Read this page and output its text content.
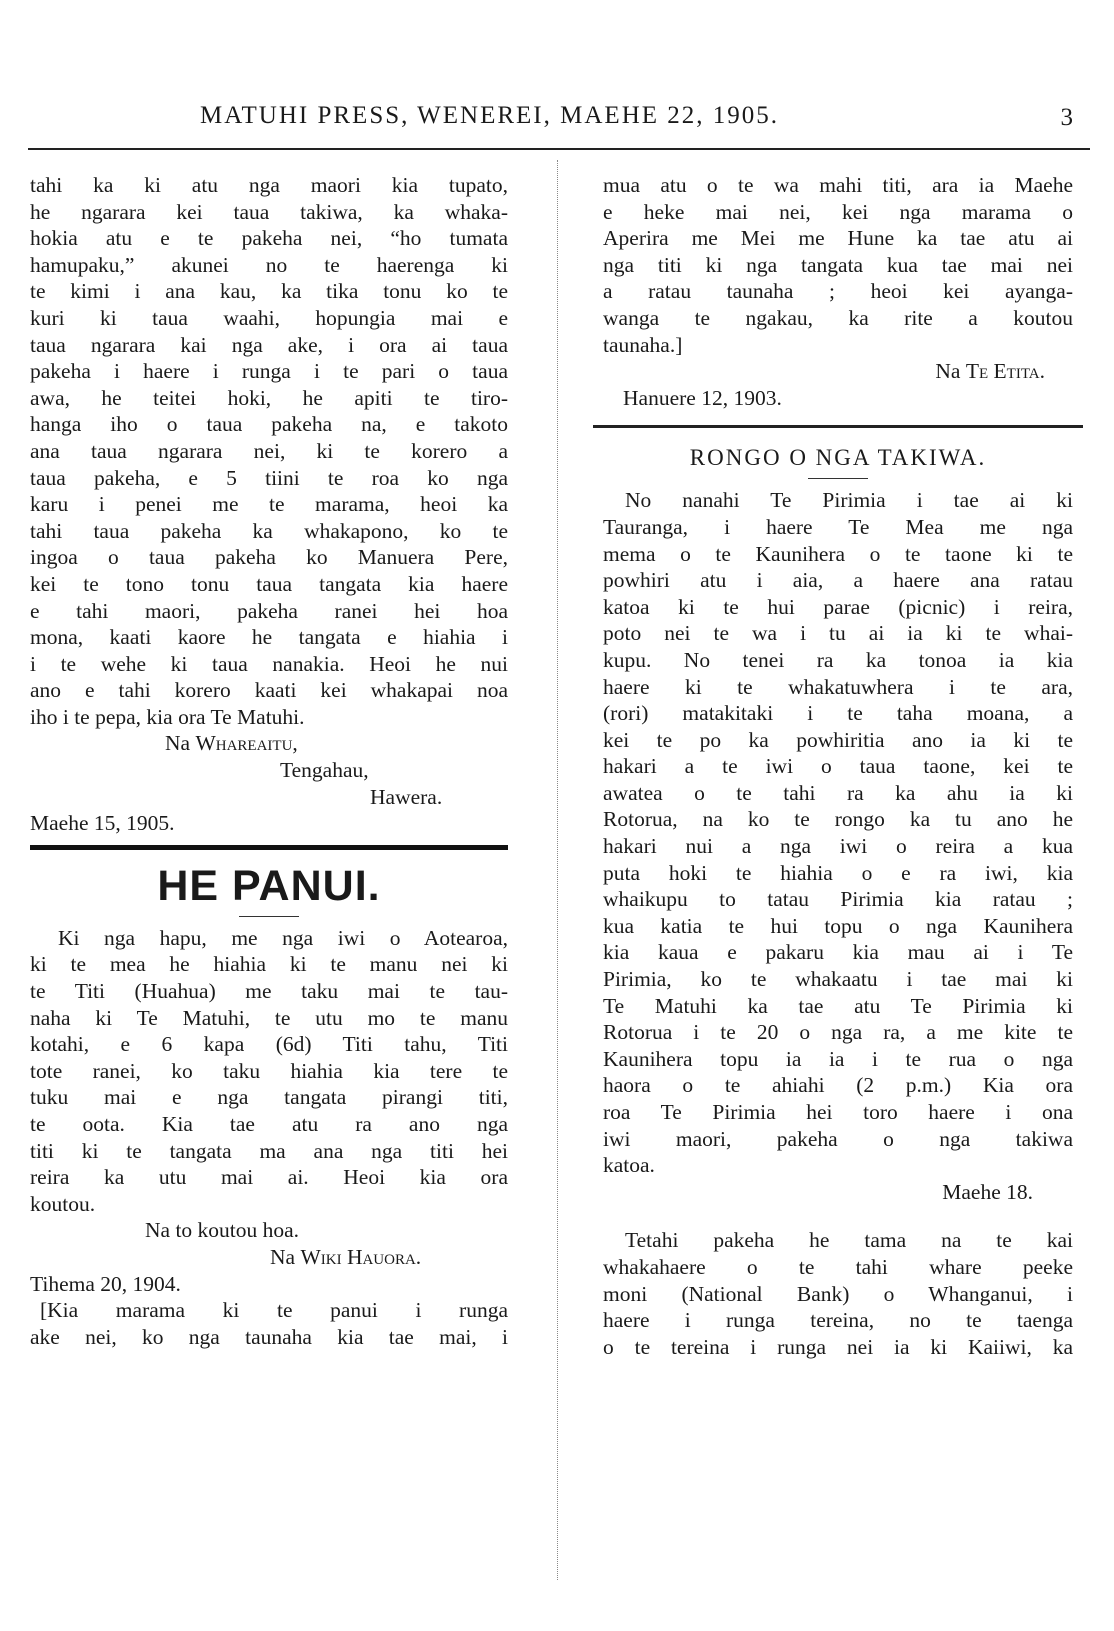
MATUHI PRESS, WENEREI, MAEHE 22, 1905.	3
tahi ka ki atu nga maori kia tupato,
he ngarara kei taua takiwa, ka whaka-
hokia atu e te pakeha nei, “ho tumata
hamupaku,” akunei no te haerenga ki
te kimi i ana kau, ka tika tonu ko te
kuri ki taua waahi, hopungia mai e
taua ngarara kai nga ake, i ora ai taua
pakeha i haere i runga i te pari o taua
awa, he teitei hoki, he apiti te tiro-
hanga iho o taua pakeha na, e takoto
ana taua ngarara nei, ki te korero a
taua pakeha, e 5 tiini te roa ko nga
karu i penei me te marama, heoi ka
tahi taua pakeha ka whakapono, ko te
ingoa o taua pakeha ko Manuera Pere,
kei te tono tonu taua tangata kia haere
e tahi maori, pakeha ranei hei hoa
mona, kaati kaore he tangata e hiahia i
i te wehe ki taua nanakia. Heoi he nui
ano e tahi korero kaati kei whakapai noa
iho i te pepa, kia ora Te Matuhi.
Na Whareaitu,
Tengahau,
Hawera.
Maehe 15, 1905.
HE PANUI.
Ki nga hapu, me nga iwi o Aotearoa,
ki te mea he hiahia ki te manu nei ki
te Titi (Huahua) me taku mai te tau-
naha ki Te Matuhi, te utu mo te manu
kotahi, e 6 kapa (6d) Titi tahu, Titi
tote ranei, ko taku hiahia kia tere te
tuku mai e nga tangata pirangi titi,
te oota. Kia tae atu ra ano nga
titi ki te tangata ma ana nga titi hei
reira ka utu mai ai. Heoi kia ora
koutou.
Na to koutou hoa.
Na Wiki Hauora.
Tihema 20, 1904.
[Kia marama ki te panui i runga
ake nei, ko nga taunaha kia tae mai, i
mua atu o te wa mahi titi, ara ia Maehe
e heke mai nei, kei nga marama o
Aperira me Mei me Hune ka tae atu ai
nga titi ki nga tangata kua tae mai nei
a ratau taunaha ; heoi kei ayanga-
wanga te ngakau, ka rite a koutou
taunaha.]
Na Te Etita.
Hanuere 12, 1903.
RONGO O NGA TAKIWA.
No nanahi Te Pirimia i tae ai ki
Tauranga, i haere Te Mea me nga
mema o te Kaunihera o te taone ki te
powhiri atu i aia, a haere ana ratau
katoa ki te hui parae (picnic) i reira,
poto nei te wa i tu ai ia ki te whai-
kupu. No tenei ra ka tonoa ia kia
haere ki te whakatuwhera i te ara,
(rori) matakitaki i te taha moana, a
kei te po ka powhiritia ano ia ki te
hakari a te iwi o taua taone, kei te
awatea o te tahi ra ka ahu ia ki
Rotorua, na ko te rongo ka tu ano he
hakari nui a nga iwi o reira a kua
puta hoki te hiahia o e ra iwi, kia
whaikupu to tatau Pirimia kia ratau ;
kua katia te hui topu o nga Kaunihera
kia kaua e pakaru kia mau ai i Te
Pirimia, ko te whakaatu i tae mai ki
Te Matuhi ka tae atu Te Pirimia ki
Rotorua i te 20 o nga ra, a me kite te
Kaunihera topu ia ia i te rua o nga
haora o te ahiahi (2 p.m.) Kia ora
roa Te Pirimia hei toro haere i ona
iwi maori, pakeha o nga takiwa
katoa.
Maehe 18.
Tetahi pakeha he tama na te kai
whakahaere o te tahi whare peeke
moni (National Bank) o Whanganui, i
haere i runga tereina, no te taenga
o te tereina i runga nei ia ki Kaiiwi, ka
